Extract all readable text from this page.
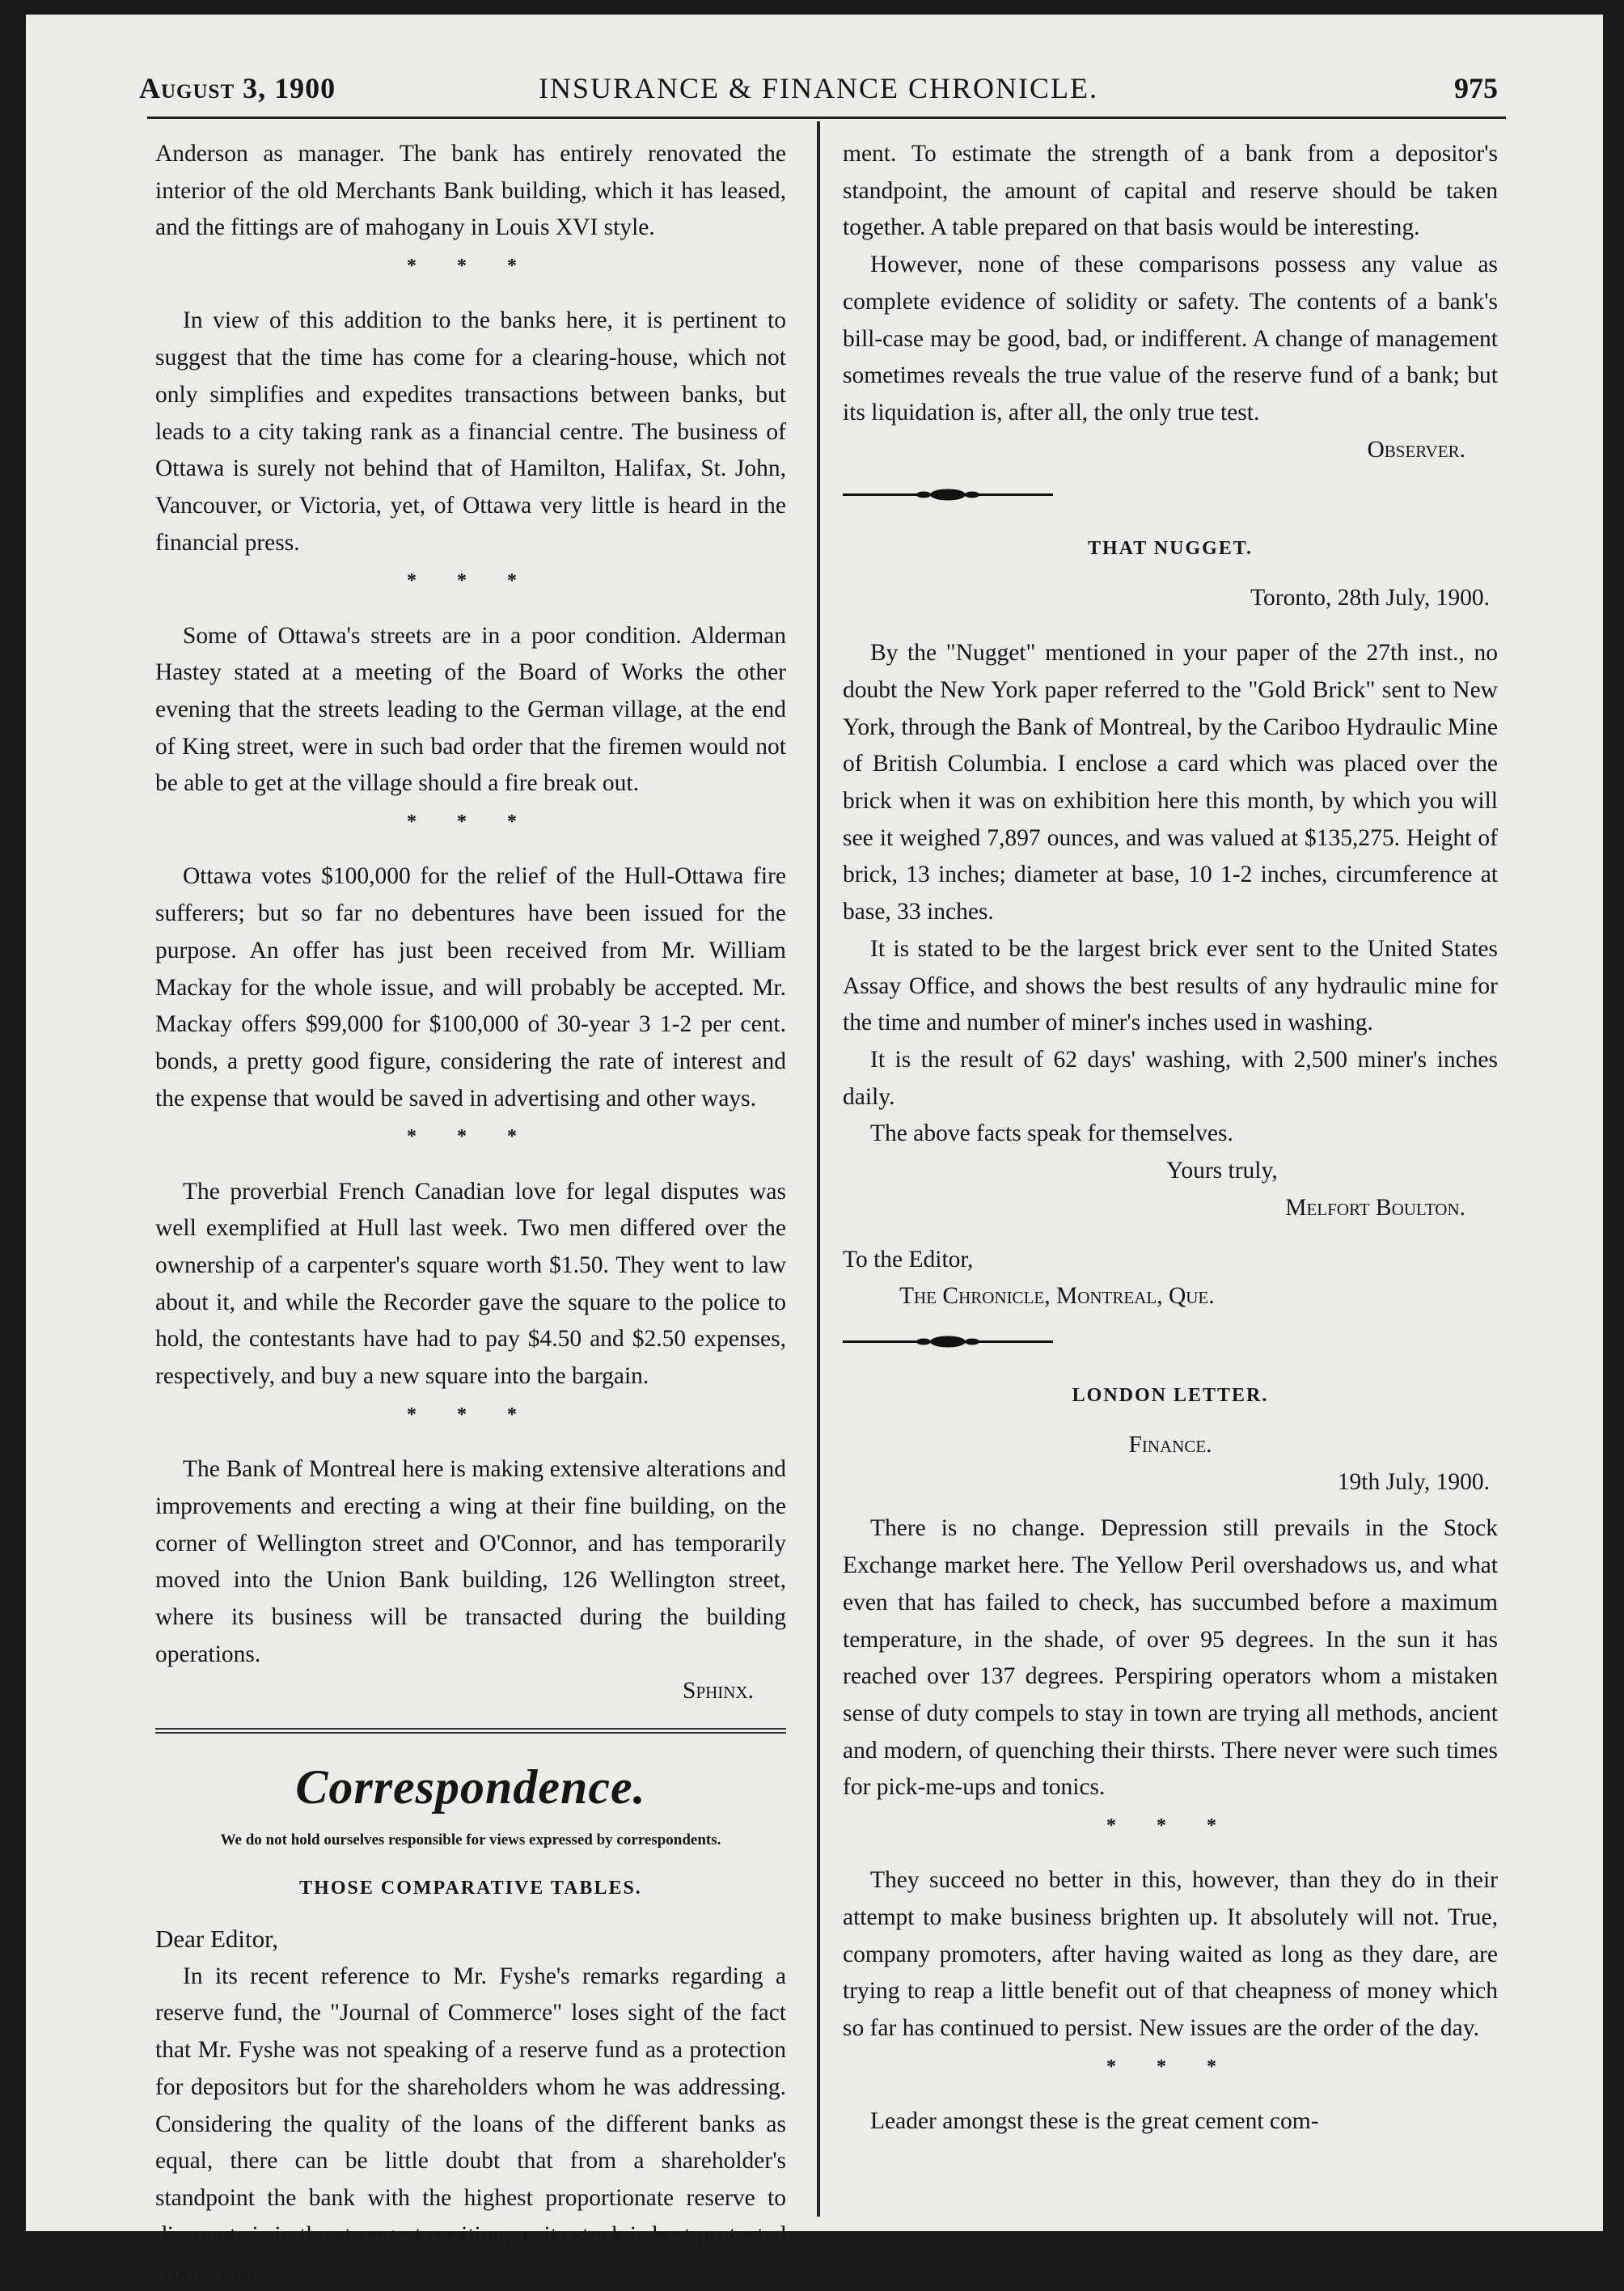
August 3, 1900	INSURANCE & FINANCE CHRONICLE.	975

Anderson as manager. The bank has entirely renovated the interior of the old Merchants Bank building, which it has leased, and the fittings are of mahogany in Louis XVI style.

* * *

In view of this addition to the banks here, it is pertinent to suggest that the time has come for a clearing-house, which not only simplifies and expedites transactions between banks, but leads to a city taking rank as a financial centre. The business of Ottawa is surely not behind that of Hamilton, Halifax, St. John, Vancouver, or Victoria, yet, of Ottawa very little is heard in the financial press.

* * *

Some of Ottawa's streets are in a poor condition. Alderman Hastey stated at a meeting of the Board of Works the other evening that the streets leading to the German village, at the end of King street, were in such bad order that the firemen would not be able to get at the village should a fire break out.

* * *

Ottawa votes $100,000 for the relief of the Hull-Ottawa fire sufferers; but so far no debentures have been issued for the purpose. An offer has just been received from Mr. William Mackay for the whole issue, and will probably be accepted. Mr. Mackay offers $99,000 for $100,000 of 30-year 3 1-2 per cent. bonds, a pretty good figure, considering the rate of interest and the expense that would be saved in advertising and other ways.

* * *

The proverbial French Canadian love for legal disputes was well exemplified at Hull last week. Two men differed over the ownership of a carpenter's square worth $1.50. They went to law about it, and while the Recorder gave the square to the police to hold, the contestants have had to pay $4.50 and $2.50 expenses, respectively, and buy a new square into the bargain.

* * *

The Bank of Montreal here is making extensive alterations and improvements and erecting a wing at their fine building, on the corner of Wellington street and O'Connor, and has temporarily moved into the Union Bank building, 126 Wellington street, where its business will be transacted during the building operations.

Sphinx.
Correspondence.
We do not hold ourselves responsible for views expressed by correspondents.
THOSE COMPARATIVE TABLES.
Dear Editor,

In its recent reference to Mr. Fyshe's remarks regarding a reserve fund, the "Journal of Commerce" loses sight of the fact that Mr. Fyshe was not speaking of a reserve fund as a protection for depositors but for the shareholders whom he was addressing. Considering the quality of the loans of the different banks as equal, there can be little doubt that from a shareholder's standpoint the bank with the highest proportionate reserve to discounts is in the strongest position, as its stock is best protected from impair-

ment. To estimate the strength of a bank from a depositor's standpoint, the amount of capital and reserve should be taken together. A table prepared on that basis would be interesting.

However, none of these comparisons possess any value as complete evidence of solidity or safety. The contents of a bank's bill-case may be good, bad, or indifferent. A change of management sometimes reveals the true value of the reserve fund of a bank; but its liquidation is, after all, the only true test.

Observer.
THAT NUGGET.
Toronto, 28th July, 1900.

By the "Nugget" mentioned in your paper of the 27th inst., no doubt the New York paper referred to the "Gold Brick" sent to New York, through the Bank of Montreal, by the Cariboo Hydraulic Mine of British Columbia. I enclose a card which was placed over the brick when it was on exhibition here this month, by which you will see it weighed 7,897 ounces, and was valued at $135,275. Height of brick, 13 inches; diameter at base, 10 1-2 inches, circumference at base, 33 inches.

It is stated to be the largest brick ever sent to the United States Assay Office, and shows the best results of any hydraulic mine for the time and number of miner's inches used in washing.

It is the result of 62 days' washing, with 2,500 miner's inches daily.

The above facts speak for themselves.

Yours truly,
Melfort Boulton.
To the Editor,
The Chronicle, Montreal, Que.
LONDON LETTER.
Finance.
19th July, 1900.

There is no change. Depression still prevails in the Stock Exchange market here. The Yellow Peril overshadows us, and what even that has failed to check, has succumbed before a maximum temperature, in the shade, of over 95 degrees. In the sun it has reached over 137 degrees. Perspiring operators whom a mistaken sense of duty compels to stay in town are trying all methods, ancient and modern, of quenching their thirsts. There never were such times for pick-me-ups and tonics.

* * *

They succeed no better in this, however, than they do in their attempt to make business brighten up. It absolutely will not. True, company promoters, after having waited as long as they dare, are trying to reap a little benefit out of that cheapness of money which so far has continued to persist. New issues are the order of the day.

* * *

Leader amongst these is the great cement com-
